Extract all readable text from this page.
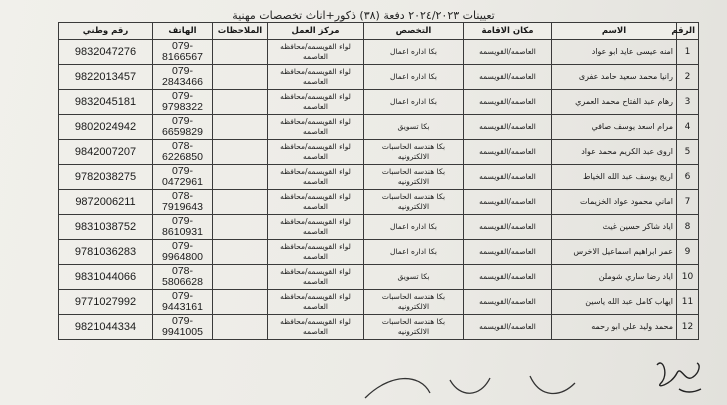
تعيينات ٢٠٢٤/٢٠٢٣ دفعة (٣٨) ذكور+اناث تخصصات مهنية
الرقم	الاسم	مكان الاقامة	التخصص	مركز العمل	الملاحظات	الهاتف	رقم وطني
1	امنه عيسى عايد ابو عواد	العاصمه/القويسمه	بكا اداره اعمال	لواء القويسمه/محافظه العاصمه		079-8166567	9832047276
2	رانيا محمد سعيد حامد عفرى	العاصمه/القويسمه	بكا اداره اعمال	لواء القويسمه/محافظه العاصمه		079-2843466	9822013457
3	رهام عبد الفتاح محمد العمري	العاصمه/القويسمه	بكا اداره اعمال	لواء القويسمه/محافظه العاصمه		079-9798322	9832045181
4	مرام اسعد يوسف صافي	العاصمه/القويسمه	بكا تسويق	لواء القويسمه/محافظه العاصمه		079-6659829	9802024942
5	اروى عبد الكريم محمد عواد	العاصمه/القويسمه	بكا هندسه الحاسبات الالكترونيه	لواء القويسمه/محافظه العاصمه		078-6226850	9842007207
6	اريج يوسف عبد الله الخياط	العاصمه/القويسمه	بكا هندسه الحاسبات الالكترونيه	لواء القويسمه/محافظه العاصمه		079-0472961	9782038275
7	اماني محمود عواد الخزيمات	العاصمه/القويسمه	بكا هندسه الحاسبات الالكترونيه	لواء القويسمه/محافظه العاصمه		078-7919643	9872006211
8	اياد شاكر حسين غيث	العاصمه/القويسمه	بكا اداره اعمال	لواء القويسمه/محافظه العاصمه		079-8610931	9831038752
9	عمر ابراهيم اسماعيل الاخرس	العاصمه/القويسمه	بكا اداره اعمال	لواء القويسمه/محافظه العاصمه		079-9964800	9781036283
10	اياد رضا ساري شوملن	العاصمه/القويسمه	بكا تسويق	لواء القويسمه/محافظه العاصمه		078-5806628	9831044066
11	ايهاب كامل عبد الله ياسين	العاصمه/القويسمه	بكا هندسه الحاسبات الالكترونيه	لواء القويسمه/محافظه العاصمه		079-9443161	9771027992
12	محمد وليد علي ابو رحمه	العاصمه/القويسمه	بكا هندسه الحاسبات الالكترونيه	لواء القويسمه/محافظه العاصمه		079-9941005	9821044334
